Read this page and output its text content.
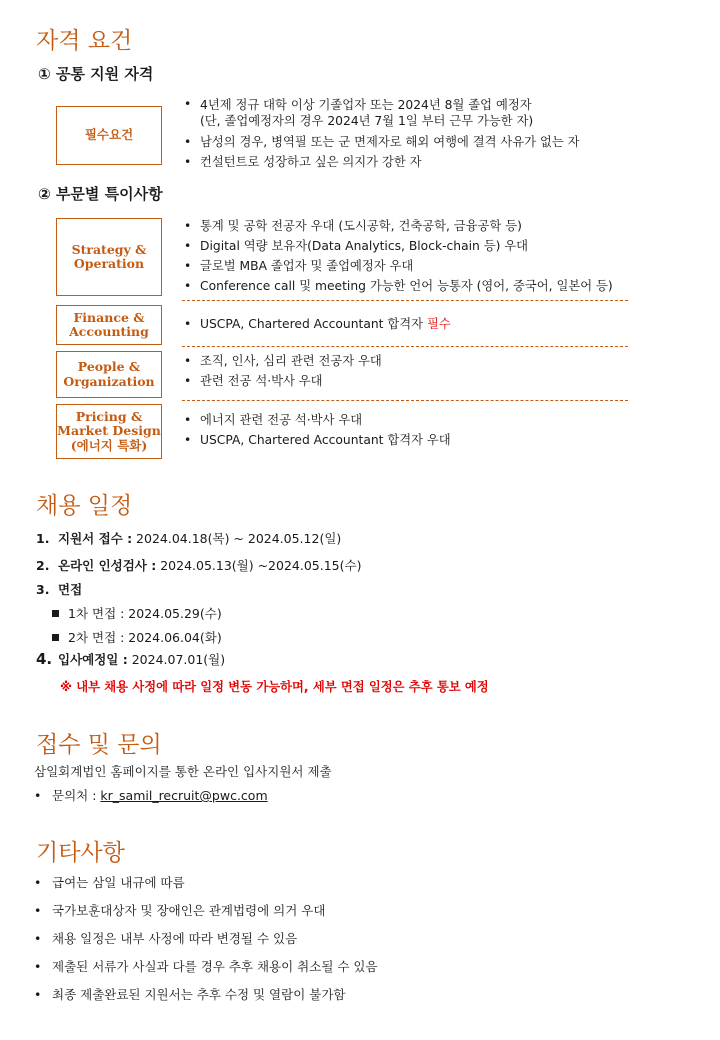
자격 요건
① 공통 지원 자격
필수요건
• 4년제 정규 대학 이상 기졸업자 또는 2024년 8월 졸업 예정자
(단, 졸업예정자의 경우 2024년 7월 1일 부터 근무 가능한 자)
• 남성의 경우, 병역필 또는 군 면제자로 해외 여행에 결격 사유가 없는 자
• 컨설턴트로 성장하고 싶은 의지가 강한 자
② 부문별 특이사항
Strategy &
Operation
• 통계 및 공학 전공자 우대 (도시공학, 건축공학, 금융공학 등)
• Digital 역량 보유자(Data Analytics, Block-chain 등) 우대
• 글로벌 MBA 졸업자 및 졸업예정자 우대
• Conference call 및 meeting 가능한 언어 능통자 (영어, 중국어, 일본어 등)
Finance &
Accounting
•	USCPA, Chartered Accountant 합격자 필수
People &
Organization
• 조직, 인사, 심리 관련 전공자 우대
• 관련 전공 석·박사 우대
Pricing &
Market Design
(에너지 특화)
• 에너지 관련 전공 석·박사 우대
• USCPA, Chartered Accountant 합격자 우대
채용 일정
1. 지원서 접수 : 2024.04.18(목) ~ 2024.05.12(일)
2. 온라인 인성검사 : 2024.05.13(월) ~2024.05.15(수)
3. 면접
1차 면접 : 2024.05.29(수)
2차 면접 : 2024.06.04(화)
4. 입사예정일 : 2024.07.01(월)
※ 내부 채용 사정에 따라 일정 변동 가능하며, 세부 면접 일정은 추후 통보 예정
접수 및 문의
삼일회계법인 홈페이지를 통한 온라인 입사지원서 제출
• 문의처 : kr_samil_recruit@pwc.com
기타사항
• 급여는 삼일 내규에 따름
• 국가보훈대상자 및 장애인은 관계법령에 의거 우대
• 채용 일정은 내부 사정에 따라 변경될 수 있음
• 제출된 서류가 사실과 다를 경우 추후 채용이 취소될 수 있음
• 최종 제출완료된 지원서는 추후 수정 및 열람이 불가함
